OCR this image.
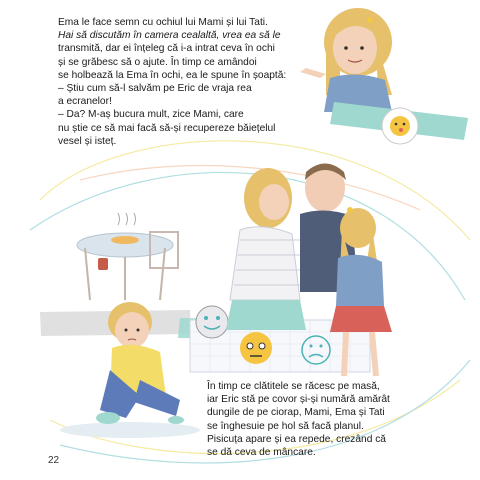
Ema le face semn cu ochiul lui Mami și lui Tati.

Hai să discutăm în camera cealaltă, vrea ea să le

transmită, dar ei înțeleg că i-a intrat ceva în ochi

și se grăbesc să o ajute. În timp ce amândoi

se holbează la Ema în ochi, ea le spune în șoaptă:

– Știu cum să-l salvăm pe Eric de vraja rea

a ecranelor!

– Da? M-aș bucura mult, zice Mami, care

nu știe ce să mai facă să-și recupereze băiețelul

vesel și isteț.

În timp ce clătitele se răcesc pe masă,

iar Eric stă pe covor și-și numără amărât

dungile de pe ciorap, Mami, Ema și Tati

se înghesuie pe hol să facă planul.

Pisicuța apare și ea repede, crezând că

se dă ceva de mâncare.

22
